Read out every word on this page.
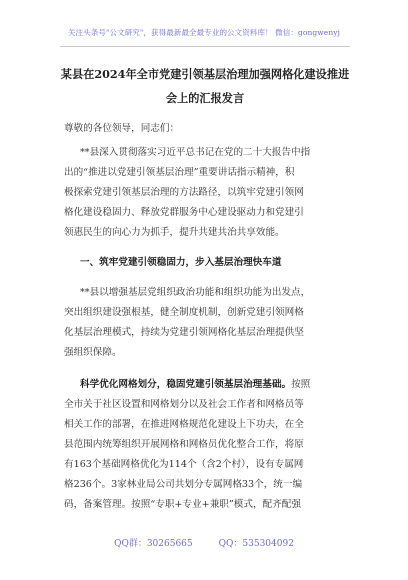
关注头条号"公文研究"，获得最新最全最专业的公文资料库！ 微信：gongwenyj
某县在2024年全市党建引领基层治理加强网格化建设推进
会上的汇报发言
尊敬的各位领导，同志们：
**县深入贯彻落实习近平总书记在党的二十大报告中指
出的“推进以党建引领基层治理”重要讲话指示精神，积
极探索党建引领基层治理的方法路径，以筑牢党建引领网
格化建设稳固力、释放党群服务中心建设驱动力和党建引
领惠民生的向心力为抓手，提升共建共治共享效能。
一、筑牢党建引领稳固力，步入基层治理快车道
**县以增强基层党组织政治功能和组织功能为出发点，
突出组织建设强根基，健全制度机制，创新党建引领网格
化基层治理模式，持续为党建引领网格化基层治理提供坚
强组织保障。
科学优化网格划分，稳固党建引领基层治理基础。按照
全市关于社区设置和网格划分以及社会工作者和网格员等
相关工作的部署，在推进网格规范化建设上下功夫，在全
县范围内统筹组织开展网格和网格员优化整合工作，将原
有163个基础网格优化为114个（含2个村），设有专属网
格236个。3家林业局公司共划分专属网格33个，统一编
码，备案管理。按照“专职+专业+兼职”模式，配齐配强
QQ群：30265665	QQ：535304092
